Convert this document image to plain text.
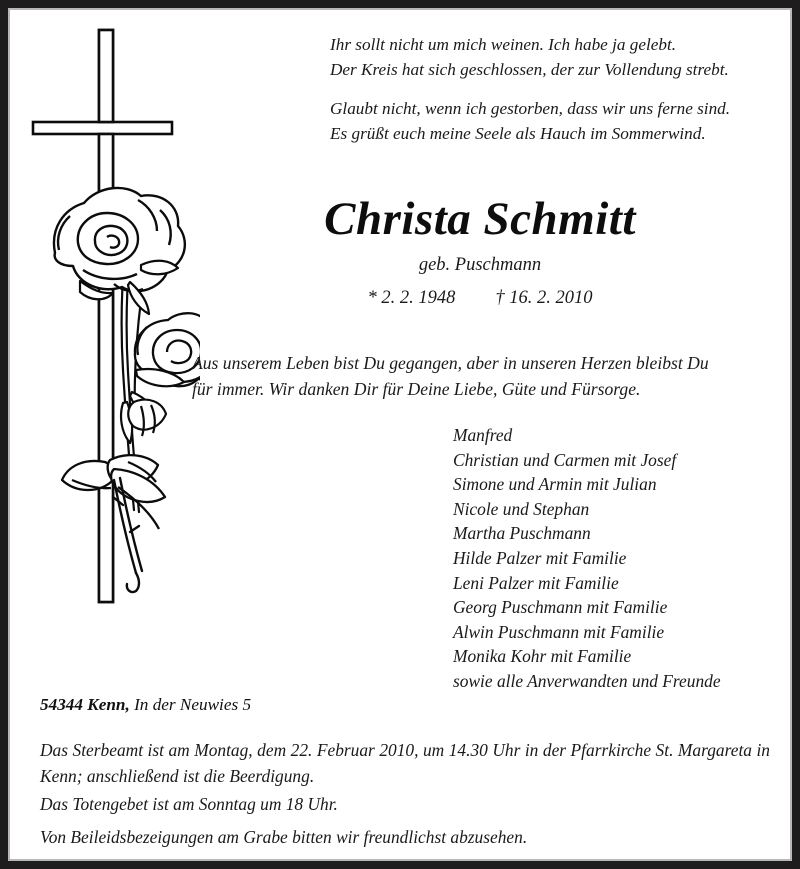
Ihr sollt nicht um mich weinen. Ich habe ja gelebt.
Der Kreis hat sich geschlossen, der zur Vollendung strebt.
Glaubt nicht, wenn ich gestorben, dass wir uns ferne sind.
Es grüßt euch meine Seele als Hauch im Sommerwind.
Christa Schmitt
geb. Puschmann
* 2. 2. 1948 † 16. 2. 2010
Aus unserem Leben bist Du gegangen, aber in unseren Herzen bleibst Du
für immer. Wir danken Dir für Deine Liebe, Güte und Fürsorge.
Manfred
Christian und Carmen mit Josef
Simone und Armin mit Julian
Nicole und Stephan
Martha Puschmann
Hilde Palzer mit Familie
Leni Palzer mit Familie
Georg Puschmann mit Familie
Alwin Puschmann mit Familie
Monika Kohr mit Familie
sowie alle Anverwandten und Freunde
54344 Kenn, In der Neuwies 5
Das Sterbeamt ist am Montag, dem 22. Februar 2010, um 14.30 Uhr in der Pfarrkirche St. Margareta in Kenn; anschließend ist die Beerdigung.
Das Totengebet ist am Sonntag um 18 Uhr.
Von Beileidsbezeigungen am Grabe bitten wir freundlichst abzusehen.
